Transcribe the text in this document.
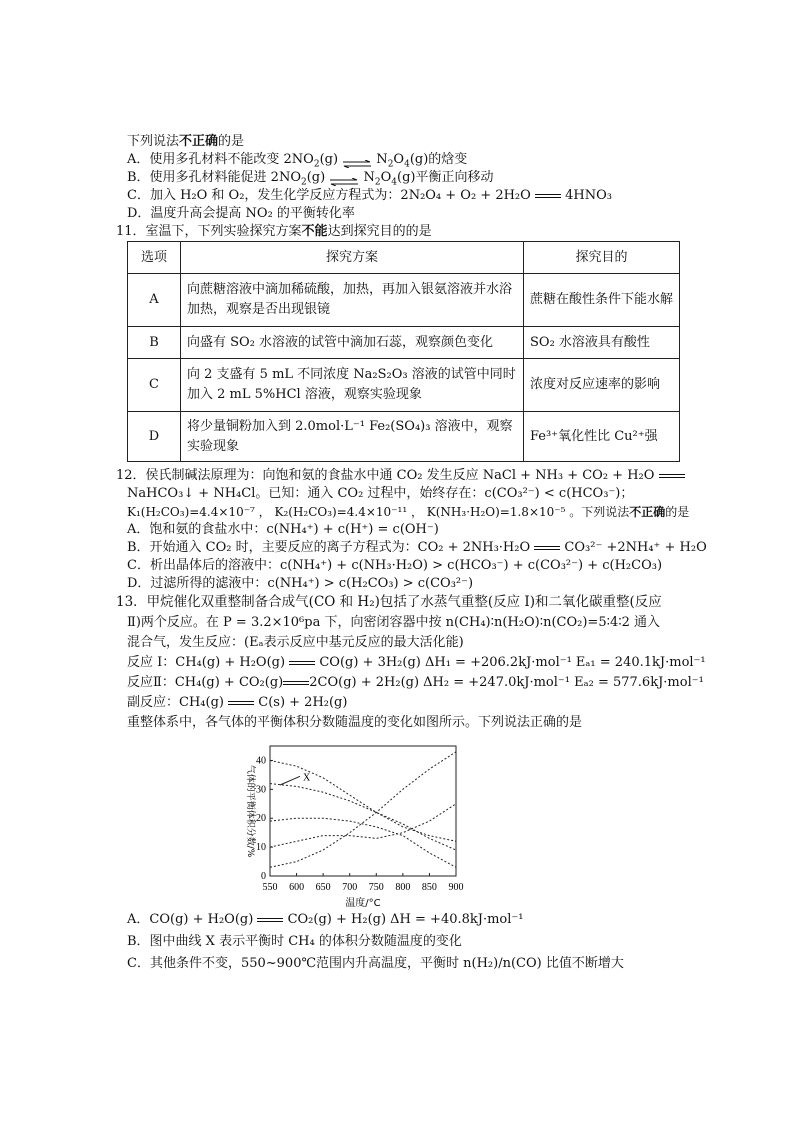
下列说法不正确的是
A．使用多孔材料不能改变 $2NO_2(g)$ ⇌ $N_2O_4(g)$的焓变
B．使用多孔材料能促进 $2NO_2(g)$ ⇌ $N_2O_4(g)$平衡正向移动
C．加入 H₂O 和 O₂，发生化学反应方程式为：2N₂O₄ + O₂ + 2H₂O	4HNO₃
D．温度升高会提高 NO₂ 的平衡转化率
11．室温下，下列实验探究方案不能达到探究目的的是
选项	探究方案	探究目的
A	向蔗糖溶液中滴加稀硫酸，加热，再加入银氨溶液并水浴加热，观察是否出现银镜	蔗糖在酸性条件下能水解
B	向盛有 SO₂ 水溶液的试管中滴加石蕊，观察颜色变化	SO₂ 水溶液具有酸性
C	向 2 支盛有 5 mL 不同浓度 Na₂S₂O₃ 溶液的试管中同时加入 2 mL 5%HCl 溶液，观察实验现象	浓度对反应速率的影响
D	将少量铜粉加入到 2.0mol·L⁻¹ Fe₂(SO₄)₃ 溶液中，观察实验现象	Fe³⁺氧化性比 Cu²⁺强
12．侯氏制碱法原理为：向饱和氨的食盐水中通 CO₂ 发生反应 NaCl + NH₃ + CO₂ + H₂O
NaHCO₃↓ + NH₄Cl。已知：通入 CO₂ 过程中，始终存在：c(CO₃²⁻) < c(HCO₃⁻)；
K₁(H₂CO₃)=4.4×10⁻⁷ ， K₂(H₂CO₃)=4.4×10⁻¹¹ ， K(NH₃·H₂O)=1.8×10⁻⁵ 。下列说法不正确的是
A．饱和氨的食盐水中：c(NH₄⁺) + c(H⁺) = c(OH⁻)
B．开始通入 CO₂ 时，主要反应的离子方程式为：CO₂ + 2NH₃·H₂O	CO₃²⁻ +2NH₄⁺ + H₂O
C．析出晶体后的溶液中：c(NH₄⁺) + c(NH₃·H₂O) > c(HCO₃⁻) + c(CO₃²⁻) + c(H₂CO₃)
D．过滤所得的滤液中：c(NH₄⁺) > c(H₂CO₃) > c(CO₃²⁻)
13．甲烷催化双重整制备合成气(CO 和 H₂)包括了水蒸气重整(反应 I)和二氧化碳重整(反应
Ⅱ)两个反应。在 P = 3.2×10⁶pa 下，向密闭容器中按 n(CH₄)∶n(H₂O)∶n(CO₂)=5∶4∶2 通入
混合气，发生反应：(Eₐ表示反应中基元反应的最大活化能)
反应 I：CH₄(g) + H₂O(g)	CO(g) + 3H₂(g) ΔH₁ = +206.2kJ·mol⁻¹ Eₐ₁ = 240.1kJ·mol⁻¹
反应Ⅱ：CH₄(g) + CO₂(g) 2CO(g) + 2H₂(g) ΔH₂ = +247.0kJ·mol⁻¹ Eₐ₂ = 577.6kJ·mol⁻¹
副反应：CH₄(g)	C(s) + 2H₂(g)
重整体系中，各气体的平衡体积分数随温度的变化如图所示。下列说法正确的是
550 600 650 700 750 800 850 900
0
10
20
30
40
温度/°C
气体的平衡体积分数/%	X
A．CO(g) + H₂O(g)	CO₂(g) + H₂(g) ΔH = +40.8kJ·mol⁻¹
B．图中曲线 X 表示平衡时 CH₄ 的体积分数随温度的变化
C．其他条件不变，550~900℃范围内升高温度，平衡时 n(H₂)/n(CO) 比值不断增大
